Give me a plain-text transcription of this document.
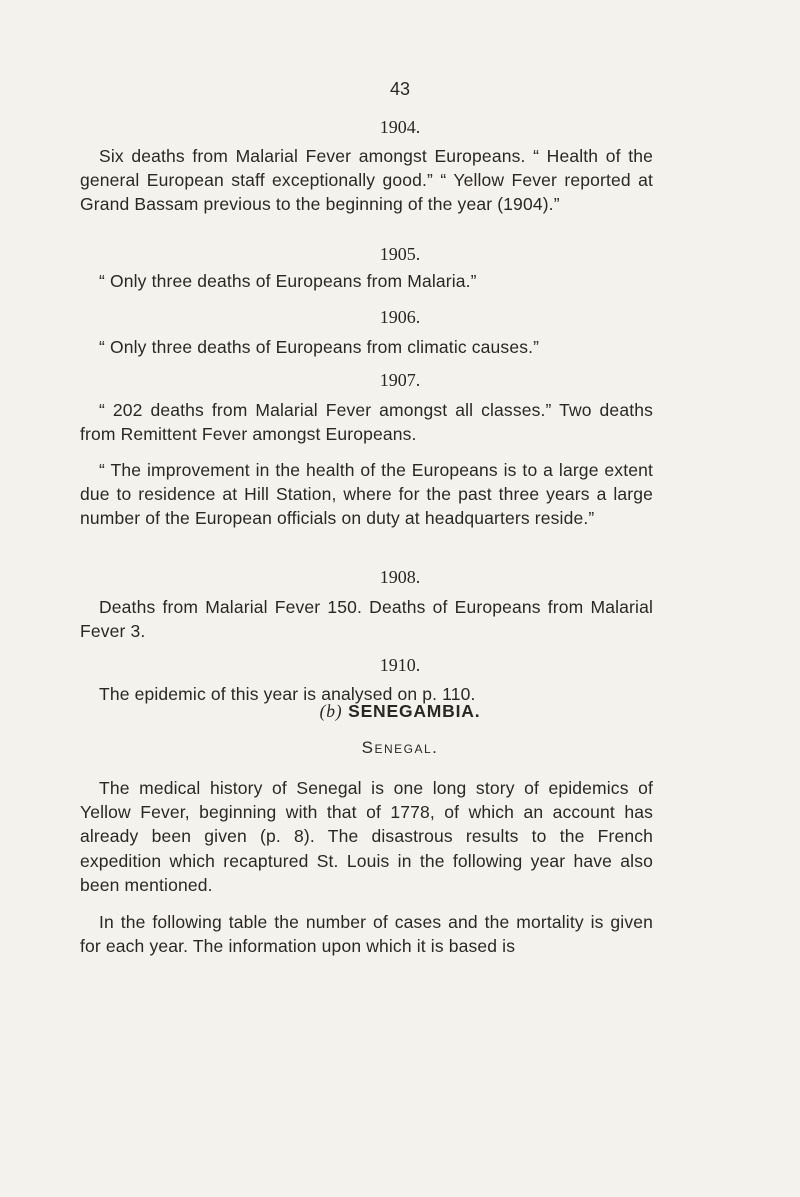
43
1904.
Six deaths from Malarial Fever amongst Europeans. “ Health of the general European staff exceptionally good.” “ Yellow Fever reported at Grand Bassam previous to the beginning of the year (1904).”
1905.
“ Only three deaths of Europeans from Malaria.”
1906.
“ Only three deaths of Europeans from climatic causes.”
1907.
“ 202 deaths from Malarial Fever amongst all classes.” Two deaths from Remittent Fever amongst Europeans.
“ The improvement in the health of the Europeans is to a large extent due to residence at Hill Station, where for the past three years a large number of the European officials on duty at headquarters reside.”
1908.
Deaths from Malarial Fever 150. Deaths of Europeans from Malarial Fever 3.
1910.
The epidemic of this year is analysed on p. 110.
(b) SENEGAMBIA.
Senegal.
The medical history of Senegal is one long story of epidemics of Yellow Fever, beginning with that of 1778, of which an account has already been given (p. 8). The disastrous results to the French expedition which recaptured St. Louis in the following year have also been mentioned.
In the following table the number of cases and the mortality is given for each year. The information upon which it is based is
